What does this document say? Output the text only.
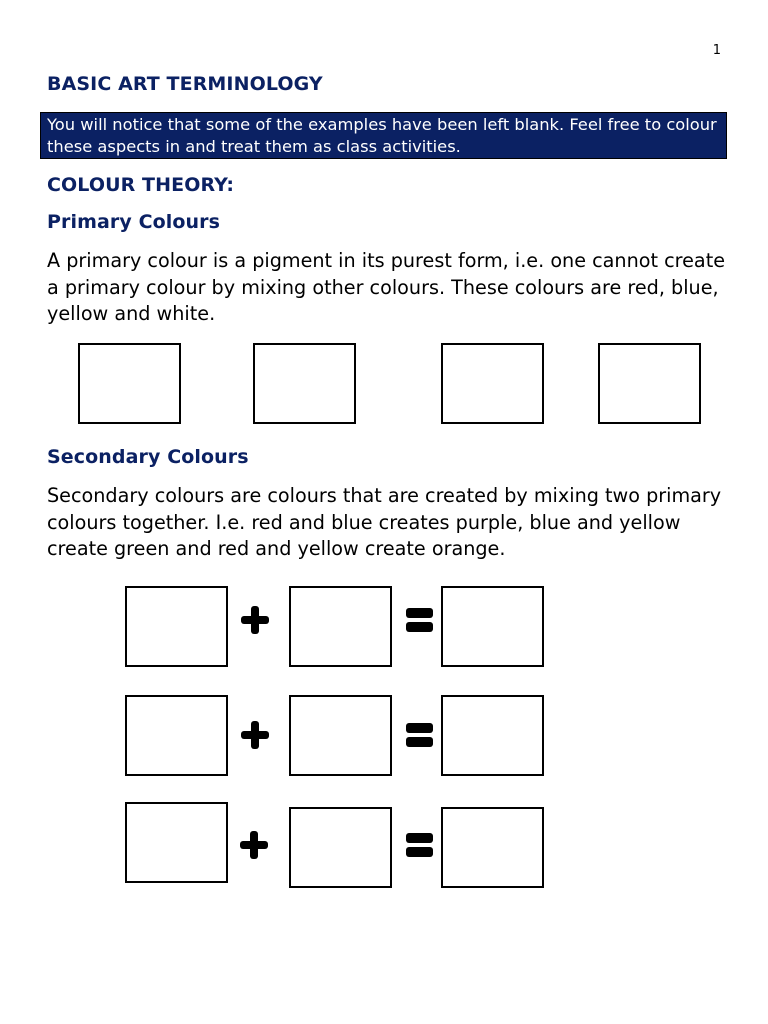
1
BASIC ART TERMINOLOGY
You will notice that some of the examples have been left blank. Feel free to colour these aspects in and treat them as class activities.
COLOUR THEORY:
Primary Colours

A primary colour is a pigment in its purest form, i.e. one cannot create a primary colour by mixing other colours. These colours are red, blue, yellow and white.

Secondary Colours

Secondary colours are colours that are created by mixing two primary colours together. I.e. red and blue creates purple, blue and yellow create green and red and yellow create orange.
